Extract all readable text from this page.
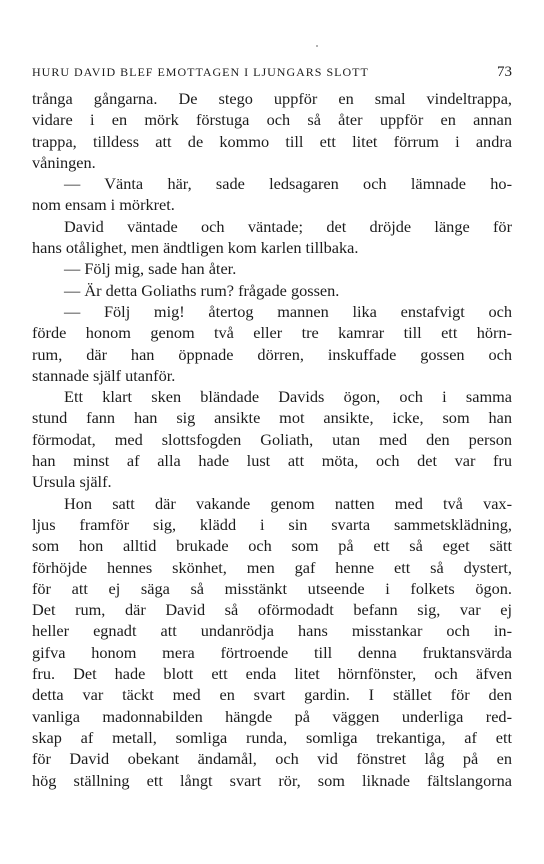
HURU DAVID BLEF EMOTTAGEN I LJUNGARS SLOTT	73
trånga gångarna. De stego uppför en smal vindeltrappa,
vidare i en mörk förstuga och så åter uppför en annan
trappa, tilldess att de kommo till ett litet förrum i andra
våningen.
— Vänta här, sade ledsagaren och lämnade ho-
nom ensam i mörkret.
David väntade och väntade; det dröjde länge för
hans otålighet, men ändtligen kom karlen tillbaka.
— Följ mig, sade han åter.
— Är detta Goliaths rum? frågade gossen.
— Följ mig! återtog mannen lika enstafvigt och
förde honom genom två eller tre kamrar till ett hörn-
rum, där han öppnade dörren, inskuffade gossen och
stannade själf utanför.
Ett klart sken bländade Davids ögon, och i samma
stund fann han sig ansikte mot ansikte, icke, som han
förmodat, med slottsfogden Goliath, utan med den person
han minst af alla hade lust att möta, och det var fru
Ursula själf.
Hon satt där vakande genom natten med två vax-
ljus framför sig, klädd i sin svarta sammetsklädning,
som hon alltid brukade och som på ett så eget sätt
förhöjde hennes skönhet, men gaf henne ett så dystert,
för att ej säga så misstänkt utseende i folkets ögon.
Det rum, där David så oförmodadt befann sig, var ej
heller egnadt att undanrödja hans misstankar och in-
gifva honom mera förtroende till denna fruktansvärda
fru. Det hade blott ett enda litet hörnfönster, och äfven
detta var täckt med en svart gardin. I stället för den
vanliga madonnabilden hängde på väggen underliga red-
skap af metall, somliga runda, somliga trekantiga, af ett
för David obekant ändamål, och vid fönstret låg på en
hög ställning ett långt svart rör, som liknade fältslangorna
